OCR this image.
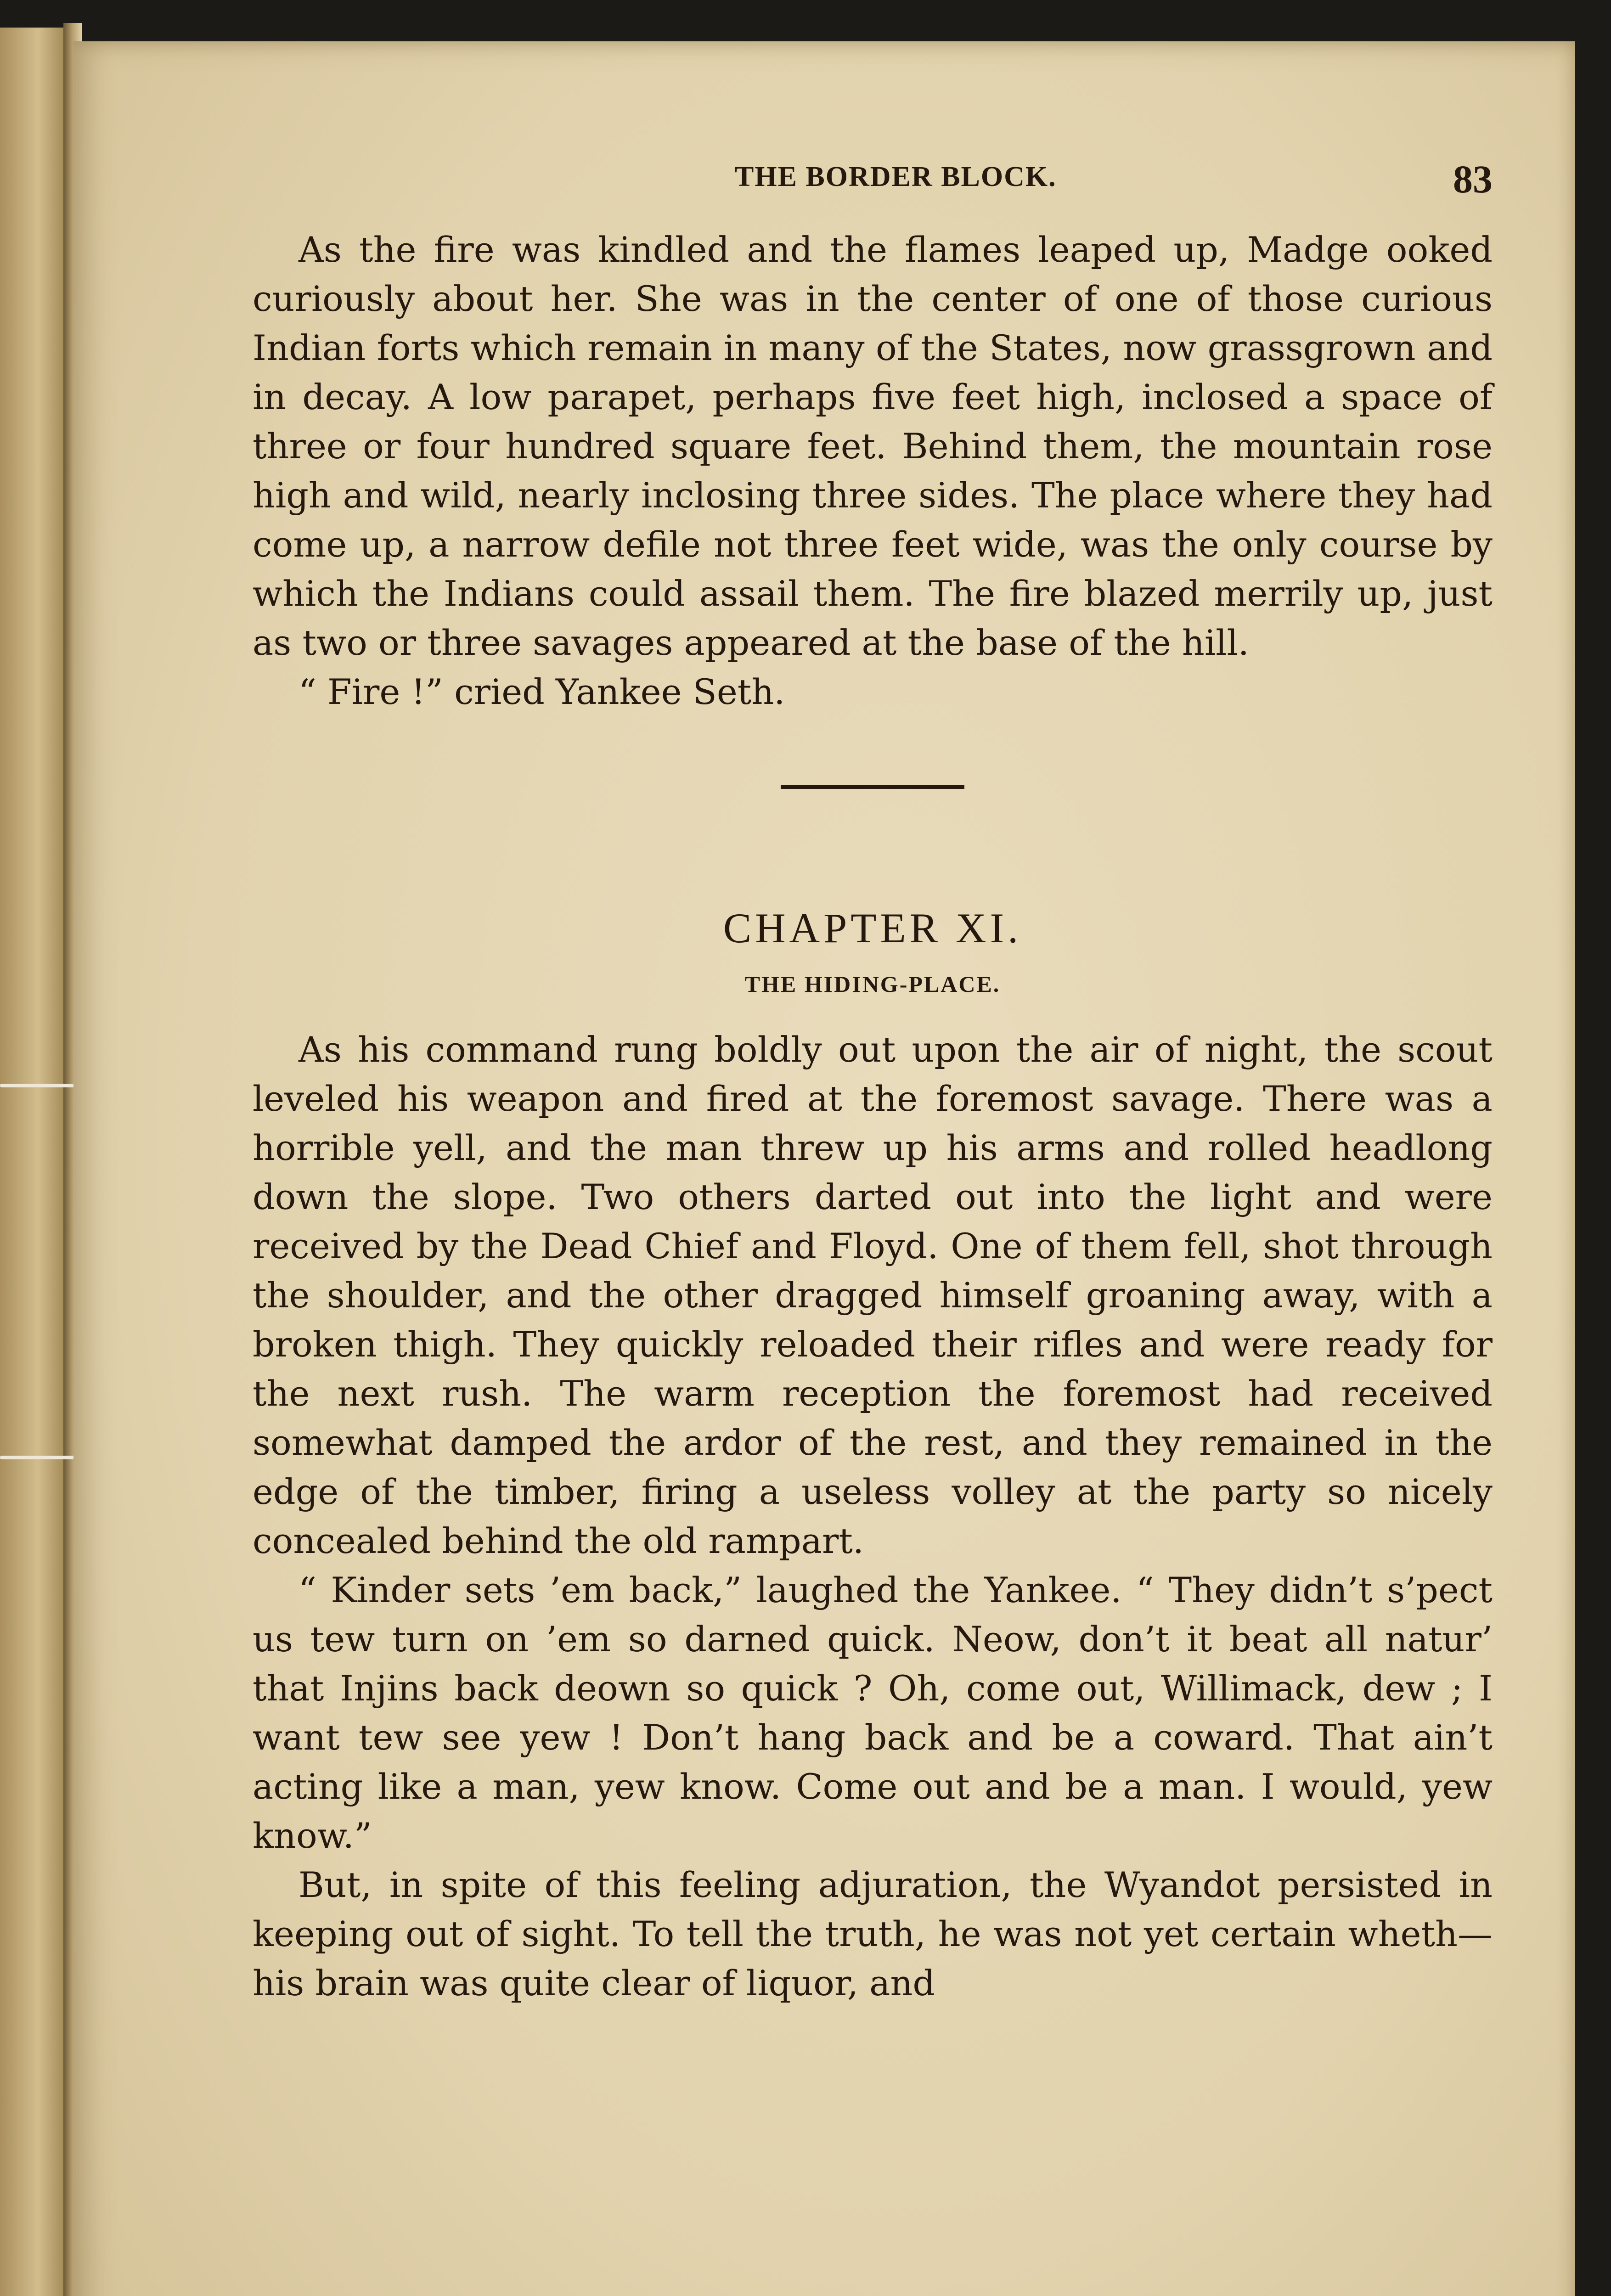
THE BORDER BLOCK.	83

As the fire was kindled and the flames leaped up, Madge ooked curiously about her. She was in the center of one of those curious Indian forts which remain in many of the States, now grassgrown and in decay. A low parapet, perhaps five feet high, inclosed a space of three or four hundred square feet. Behind them, the mountain rose high and wild, nearly inclosing three sides. The place where they had come up, a narrow defile not three feet wide, was the only course by which the Indians could assail them. The fire blazed merrily up, just as two or three savages appeared at the base of the hill.

“ Fire !” cried Yankee Seth.

CHAPTER XI.
THE HIDING-PLACE.

As his command rung boldly out upon the air of night, the scout leveled his weapon and fired at the foremost savage. There was a horrible yell, and the man threw up his arms and rolled headlong down the slope. Two others darted out into the light and were received by the Dead Chief and Floyd. One of them fell, shot through the shoulder, and the other dragged himself groaning away, with a broken thigh. They quickly reloaded their rifles and were ready for the next rush. The warm reception the foremost had received somewhat damped the ardor of the rest, and they remained in the edge of the timber, firing a useless volley at the party so nicely concealed behind the old rampart.

“ Kinder sets ’em back,” laughed the Yankee. “ They didn’t s’pect us tew turn on ’em so darned quick. Neow, don’t it beat all natur’ that Injins back deown so quick ? Oh, come out, Willimack, dew ; I want tew see yew ! Don’t hang back and be a coward. That ain’t acting like a man, yew know. Come out and be a man. I would, yew know.”

But, in spite of this feeling adjuration, the Wyandot persisted in keeping out of sight. To tell the truth, he was not yet certain wheth— his brain was quite clear of liquor, and
